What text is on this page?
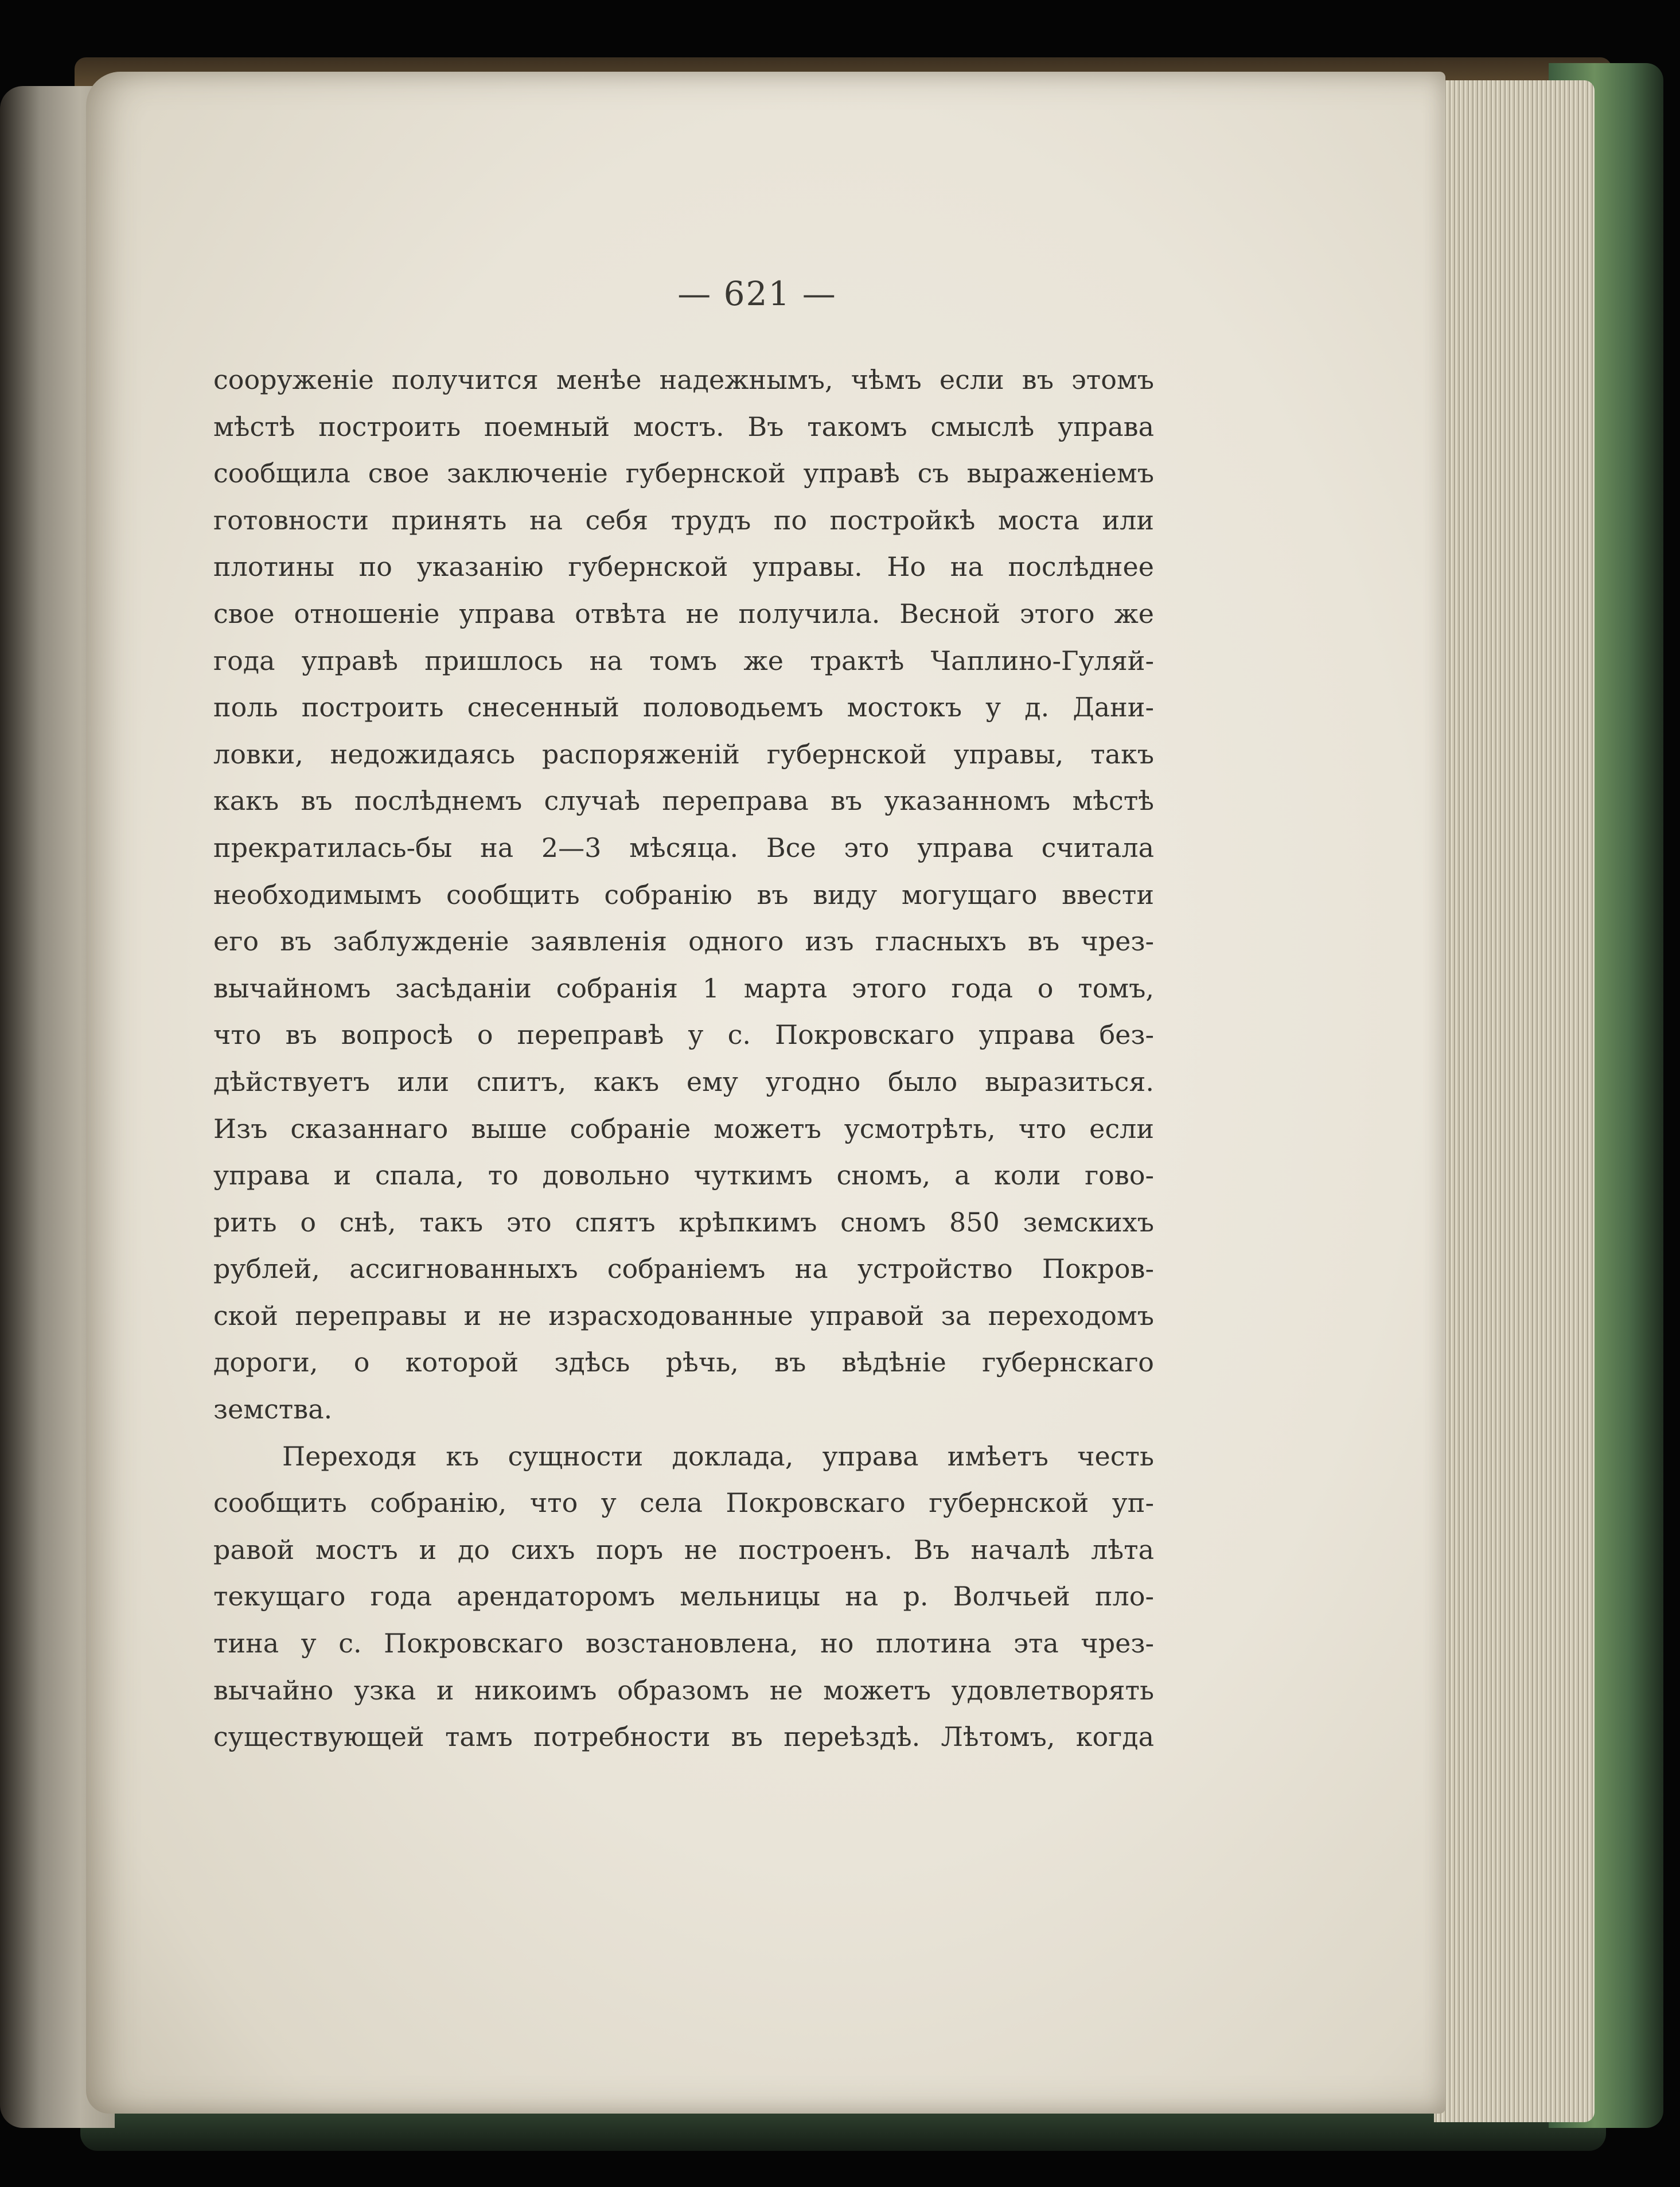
— 621 —

сооруженіе получится менѣе надежнымъ, чѣмъ если въ этомъ
мѣстѣ построить поемный мостъ. Въ такомъ смыслѣ управа
сообщила свое заключеніе губернской управѣ съ выраженіемъ
готовности принять на себя трудъ по постройкѣ моста или
плотины по указанію губернской управы. Но на послѣднее
свое отношеніе управа отвѣта не получила. Весной этого же
года управѣ пришлось на томъ же трактѣ Чаплино-Гуляй-
поль построить снесенный половодьемъ мостокъ у д. Дани-
ловки, недожидаясь распоряженій губернской управы, такъ
какъ въ послѣднемъ случаѣ переправа въ указанномъ мѣстѣ
прекратилась-бы на 2—3 мѣсяца. Все это управа считала
необходимымъ сообщить собранію въ виду могущаго ввести
его въ заблужденіе заявленія одного изъ гласныхъ въ чрез-
вычайномъ засѣданіи собранія 1 марта этого года о томъ,
что въ вопросѣ о переправѣ у с. Покровскаго управа без-
дѣйствуетъ или спитъ, какъ ему угодно было выразиться.
Изъ сказаннаго выше собраніе можетъ усмотрѣть, что если
управа и спала, то довольно чуткимъ сномъ, а коли гово-
рить о снѣ, такъ это спятъ крѣпкимъ сномъ 850 земскихъ
рублей, ассигнованныхъ собраніемъ на устройство Покров-
ской переправы и не израсходованные управой за переходомъ
дороги, о которой здѣсь рѣчь, въ вѣдѣніе губернскаго
земства.
Переходя къ сущности доклада, управа имѣетъ честь
сообщить собранію, что у села Покровскаго губернской уп-
равой мостъ и до сихъ поръ не построенъ. Въ началѣ лѣта
текущаго года арендаторомъ мельницы на р. Волчьей пло-
тина у с. Покровскаго возстановлена, но плотина эта чрез-
вычайно узка и никоимъ образомъ не можетъ удовлетворять
существующей тамъ потребности въ переѣздѣ. Лѣтомъ, когда
